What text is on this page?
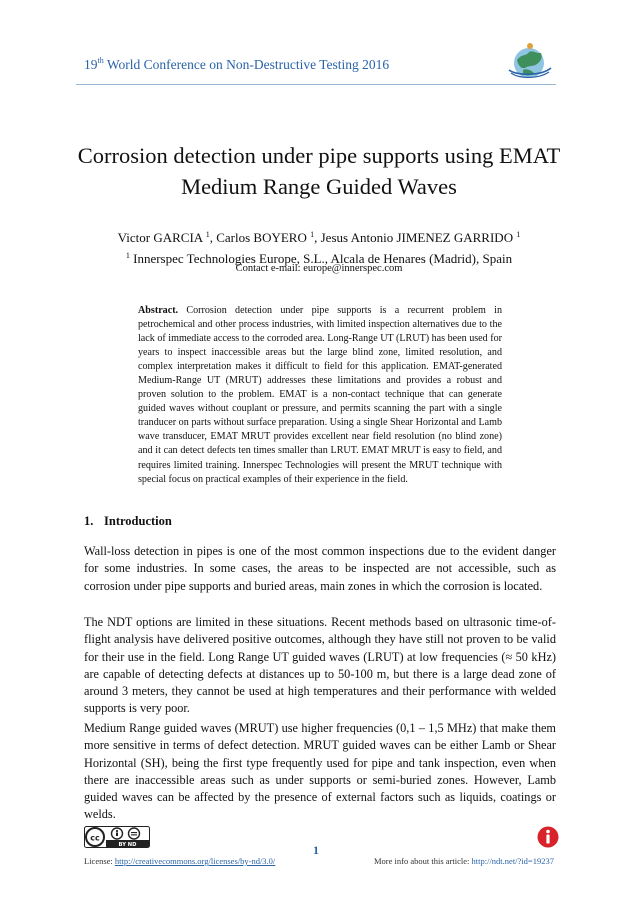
19th World Conference on Non-Destructive Testing 2016
Corrosion detection under pipe supports using EMAT
Medium Range Guided Waves
Victor GARCIA $^1$, Carlos BOYERO $^1$, Jesus Antonio JIMENEZ GARRIDO $^1$
$^1$ Innerspec Technologies Europe, S.L., Alcala de Henares (Madrid), Spain
Contact e-mail: europe@innerspec.com
Abstract. Corrosion detection under pipe supports is a recurrent problem in petrochemical and other process industries, with limited inspection alternatives due to the lack of immediate access to the corroded area. Long-Range UT (LRUT) has been used for years to inspect inaccessible areas but the large blind zone, limited resolution, and complex interpretation makes it difficult to field for this application. EMAT-generated Medium-Range UT (MRUT) addresses these limitations and provides a robust and proven solution to the problem. EMAT is a non-contact technique that can generate guided waves without couplant or pressure, and permits scanning the part with a single tranducer on parts without surface preparation. Using a single Shear Horizontal and Lamb wave transducer, EMAT MRUT provides excellent near field resolution (no blind zone) and it can detect defects ten times smaller than LRUT. EMAT MRUT is easy to field, and requires limited training. Innerspec Technologies will present the MRUT technique with special focus on practical examples of their experience in the field.
1. Introduction

Wall-loss detection in pipes is one of the most common inspections due to the evident danger for some industries. In some cases, the areas to be inspected are not accessible, such as corrosion under pipe supports and buried areas, main zones in which the corrosion is located.

The NDT options are limited in these situations. Recent methods based on ultrasonic time-of-flight analysis have delivered positive outcomes, although they have still not proven to be valid for their use in the field. Long Range UT guided waves (LRUT) at low frequencies (≈ 50 kHz) are capable of detecting defects at distances up to 50-100 m, but there is a large dead zone of around 3 meters, they cannot be used at high temperatures and their performance with welded supports is very poor.

Medium Range guided waves (MRUT) use higher frequencies (0,1 – 1,5 MHz) that make them more sensitive in terms of defect detection. MRUT guided waves can be either Lamb or Shear Horizontal (SH), being the first type frequently used for pipe and tank inspection, even when there are inaccessible areas such as under supports or semi-buried zones. However, Lamb guided waves can be affected by the presence of external factors such as liquids, coatings or welds.

cc
BY ND	1
License: http://creativecommons.org/licenses/by-nd/3.0/	More info about this article: http://ndt.net/?id=19237
